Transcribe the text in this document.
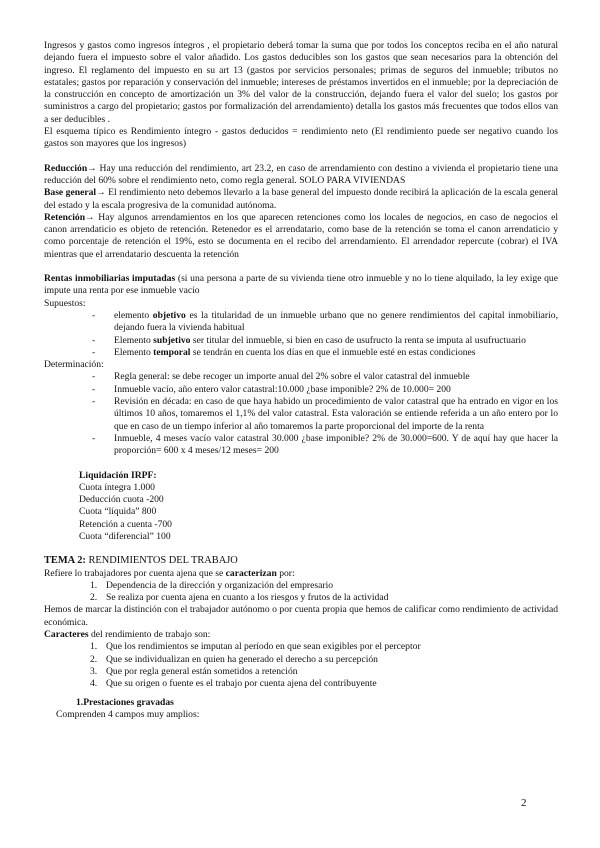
Ingresos y gastos como ingresos íntegros , el propietario deberá tomar la suma que por todos los conceptos reciba en el año natural dejando fuera el impuesto sobre el valor añadido. Los gastos deducibles son los gastos que sean necesarios para la obtención del ingreso. El reglamento del impuesto en su art 13 (gastos por servicios personales; primas de seguros del inmueble; tributos no estatales; gastos por reparación y conservación del inmueble; intereses de préstamos invertidos en el inmueble; por la depreciación de la construcción en concepto de amortización un 3% del valor de la construcción, dejando fuera el valor del suelo; los gastos por suministros a cargo del propietario; gastos por formalización del arrendamiento) detalla los gastos más frecuentes que todos ellos van a ser deducibles .

El esquema típico es Rendimiento íntegro - gastos deducidos = rendimiento neto (El rendimiento puede ser negativo cuando los gastos son mayores que los ingresos)

Reducción→ Hay una reducción del rendimiento, art 23.2, en caso de arrendamiento con destino a vivienda el propietario tiene una reducción del 60% sobre el rendimiento neto, como regla general. SOLO PARA VIVIENDAS

Base general→ El rendimiento neto debemos llevarlo a la base general del impuesto donde recibirá la aplicación de la escala general del estado y la escala progresiva de la comunidad autónoma.

Retención→ Hay algunos arrendamientos en los que aparecen retenciones como los locales de negocios, en caso de negocios el canon arrendaticio es objeto de retención. Retenedor es el arrendatario, como base de la retención se toma el canon arrendaticio y como porcentaje de retención el 19%, esto se documenta en el recibo del arrendamiento. El arrendador repercute (cobrar) el IVA mientras que el arrendatario descuenta la retención

Rentas inmobiliarias imputadas (si una persona a parte de su vivienda tiene otro inmueble y no lo tiene alquilado, la ley exige que impute una renta por ese inmueble vacío

Supuestos:

- elemento objetivo es la titularidad de un inmueble urbano que no genere rendimientos del capital inmobiliario, dejando fuera la vivienda habitual
- Elemento subjetivo ser titular del inmueble, si bien en caso de usufructo la renta se imputa al usufructuario
- Elemento temporal se tendrán en cuenta los días en que el inmueble esté en estas condiciones

Determinación:

- Regla general: se debe recoger un importe anual del 2% sobre el valor catastral del inmueble
- Inmueble vacío, año entero valor catastral:10.000 ¿base imponible? 2% de 10.000= 200
- Revisión en década: en caso de que haya habido un procedimiento de valor catastral que ha entrado en vigor en los últimos 10 años, tomaremos el 1,1% del valor catastral. Esta valoración se entiende referida a un año entero por lo que en caso de un tiempo inferior al año tomaremos la parte proporcional del importe de la renta
- Inmueble, 4 meses vacío valor catastral 30.000 ¿base imponible? 2% de 30.000=600. Y de aquí hay que hacer la proporción= 600 x 4 meses/12 meses= 200
Liquidación IRPF:
Cuota íntegra 1.000
Deducción cuota -200
Cuota “líquida” 800
Retención a cuenta -700
Cuota “diferencial” 100

TEMA 2: RENDIMIENTOS DEL TRABAJO

Refiere lo trabajadores por cuenta ajena que se caracterizan por:

1. Dependencia de la dirección y organización del empresario
2. Se realiza por cuenta ajena en cuanto a los riesgos y frutos de la actividad

Hemos de marcar la distinción con el trabajador autónomo o por cuenta propia que hemos de calificar como rendimiento de actividad económica.

Caracteres del rendimiento de trabajo son:

1. Que los rendimientos se imputan al período en que sean exigibles por el perceptor
2. Que se individualizan en quien ha generado el derecho a su percepción
3. Que por regla general están sometidos a retención
4. Que su origen o fuente es el trabajo por cuenta ajena del contribuyente

1.Prestaciones gravadas

Comprenden 4 campos muy amplios:

2
